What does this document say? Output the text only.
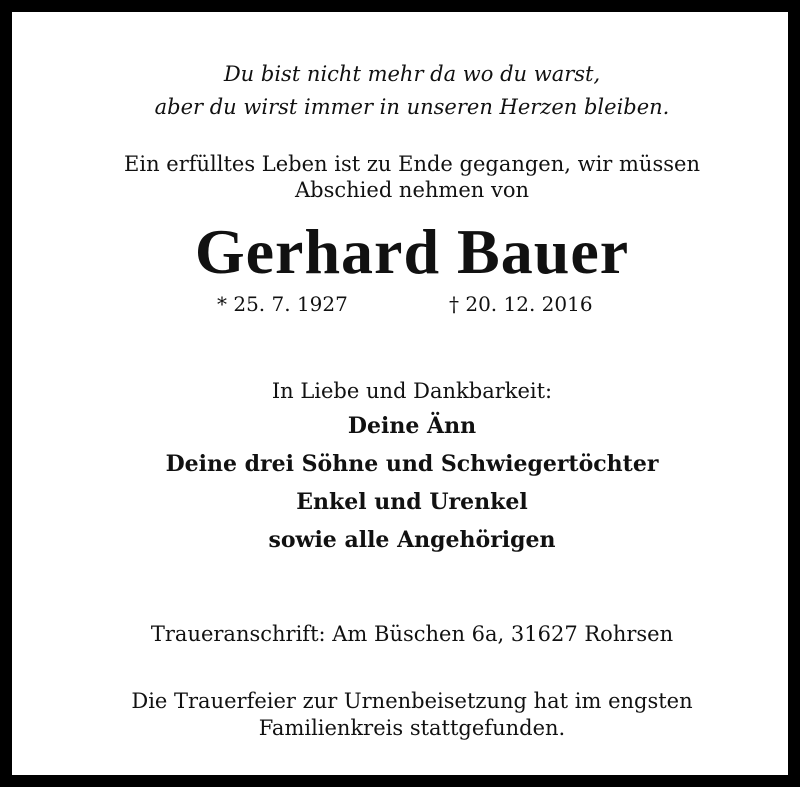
Du bist nicht mehr da wo du warst,
aber du wirst immer in unseren Herzen bleiben.
Ein erfülltes Leben ist zu Ende gegangen, wir müssen
Abschied nehmen von
Gerhard Bauer
* 25. 7. 1927	† 20. 12. 2016
In Liebe und Dankbarkeit:
Deine Änn
Deine drei Söhne und Schwiegertöchter
Enkel und Urenkel
sowie alle Angehörigen
Traueranschrift: Am Büschen 6a, 31627 Rohrsen
Die Trauerfeier zur Urnenbeisetzung hat im engsten
Familienkreis stattgefunden.
